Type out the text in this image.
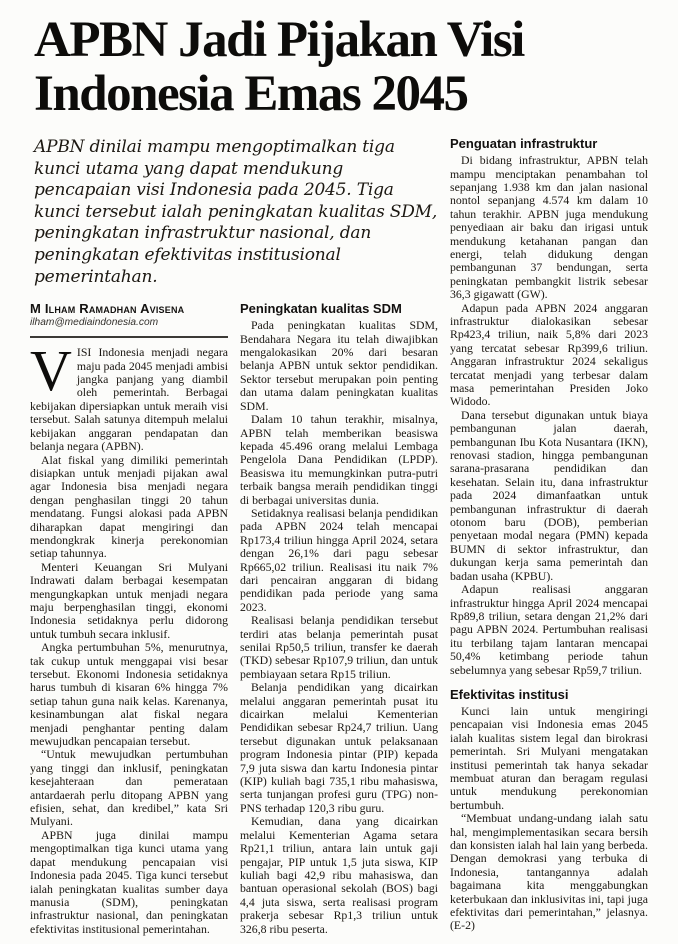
APBN Jadi Pijakan Visi Indonesia Emas 2045

APBN dinilai mampu mengoptimalkan tiga kunci utama yang dapat mendukung pencapaian visi Indonesia pada 2045. Tiga kunci tersebut ialah peningkatan kualitas SDM, peningkatan infrastruktur nasional, dan peningkatan efektivitas institusional pemerintahan.

M Ilham Ramadhan Avisena
ilham@mediaindonesia.com

VISI Indonesia menjadi negara maju pada 2045 menjadi ambisi jangka panjang yang diambil oleh pemerintah. Berbagai kebijakan dipersiapkan untuk meraih visi tersebut. Salah satunya ditempuh melalui kebijakan anggaran pendapatan dan belanja negara (APBN).

Alat fiskal yang dimiliki pemerintah disiapkan untuk menjadi pijakan awal agar Indonesia bisa menjadi negara dengan penghasilan tinggi 20 tahun mendatang. Fungsi alokasi pada APBN diharapkan dapat mengiringi dan mendongkrak kinerja perekonomian setiap tahunnya.

Menteri Keuangan Sri Mulyani Indrawati dalam berbagai kesempatan mengungkapkan untuk menjadi negara maju berpenghasilan tinggi, ekonomi Indonesia setidaknya perlu didorong untuk tumbuh secara inklusif.

Angka pertumbuhan 5%, menurutnya, tak cukup untuk menggapai visi besar tersebut. Ekonomi Indonesia setidaknya harus tumbuh di kisaran 6% hingga 7% setiap tahun guna naik kelas. Karenanya, kesinambungan alat fiskal negara menjadi penghantar penting dalam mewujudkan pencapaian tersebut.

“Untuk mewujudkan pertumbuhan yang tinggi dan inklusif, peningkatan kesejahteraan dan pemerataan antardaerah perlu ditopang APBN yang efisien, sehat, dan kredibel,” kata Sri Mulyani.

APBN juga dinilai mampu mengoptimalkan tiga kunci utama yang dapat mendukung pencapaian visi Indonesia pada 2045. Tiga kunci tersebut ialah peningkatan kualitas sumber daya manusia (SDM), peningkatan infrastruktur nasional, dan peningkatan efektivitas institusional pemerintahan.

Peningkatan kualitas SDM

Pada peningkatan kualitas SDM, Bendahara Negara itu telah diwajibkan mengalokasikan 20% dari besaran belanja APBN untuk sektor pendidikan. Sektor tersebut merupakan poin penting dan utama dalam peningkatan kualitas SDM.

Dalam 10 tahun terakhir, misalnya, APBN telah memberikan beasiswa kepada 45.496 orang melalui Lembaga Pengelola Dana Pendidikan (LPDP). Beasiswa itu memungkinkan putra-putri terbaik bangsa meraih pendidikan tinggi di berbagai universitas dunia.

Setidaknya realisasi belanja pendidikan pada APBN 2024 telah mencapai Rp173,4 triliun hingga April 2024, setara dengan 26,1% dari pagu sebesar Rp665,02 triliun. Realisasi itu naik 7% dari pencairan anggaran di bidang pendidikan pada periode yang sama 2023.

Realisasi belanja pendidikan tersebut terdiri atas belanja pemerintah pusat senilai Rp50,5 triliun, transfer ke daerah (TKD) sebesar Rp107,9 triliun, dan untuk pembiayaan setara Rp15 triliun.

Belanja pendidikan yang dicairkan melalui anggaran pemerintah pusat itu dicairkan melalui Kementerian Pendidikan sebesar Rp24,7 triliun. Uang tersebut digunakan untuk pelaksanaan program Indonesia pintar (PIP) kepada 7,9 juta siswa dan kartu Indonesia pintar (KIP) kuliah bagi 735,1 ribu mahasiswa, serta tunjangan profesi guru (TPG) non-PNS terhadap 120,3 ribu guru.

Kemudian, dana yang dicairkan melalui Kementerian Agama setara Rp21,1 triliun, antara lain untuk gaji pengajar, PIP untuk 1,5 juta siswa, KIP kuliah bagi 42,9 ribu mahasiswa, dan bantuan operasional sekolah (BOS) bagi 4,4 juta siswa, serta realisasi program prakerja sebesar Rp1,3 triliun untuk 326,8 ribu peserta.

Penguatan infrastruktur

Di bidang infrastruktur, APBN telah mampu menciptakan penambahan tol sepanjang 1.938 km dan jalan nasional nontol sepanjang 4.574 km dalam 10 tahun terakhir. APBN juga mendukung penyediaan air baku dan irigasi untuk mendukung ketahanan pangan dan energi, telah didukung dengan pembangunan 37 bendungan, serta peningkatan pembangkit listrik sebesar 36,3 gigawatt (GW).

Adapun pada APBN 2024 anggaran infrastruktur dialokasikan sebesar Rp423,4 triliun, naik 5,8% dari 2023 yang tercatat sebesar Rp399,6 triliun. Anggaran infrastruktur 2024 sekaligus tercatat menjadi yang terbesar dalam masa pemerintahan Presiden Joko Widodo.

Dana tersebut digunakan untuk biaya pembangunan jalan daerah, pembangunan Ibu Kota Nusantara (IKN), renovasi stadion, hingga pembangunan sarana-prasarana pendidikan dan kesehatan. Selain itu, dana infrastruktur pada 2024 dimanfaatkan untuk pembangunan infrastruktur di daerah otonom baru (DOB), pemberian penyetaan modal negara (PMN) kepada BUMN di sektor infrastruktur, dan dukungan kerja sama pemerintah dan badan usaha (KPBU).

Adapun realisasi anggaran infrastruktur hingga April 2024 mencapai Rp89,8 triliun, setara dengan 21,2% dari pagu APBN 2024. Pertumbuhan realisasi itu terbilang tajam lantaran mencapai 50,4% ketimbang periode tahun sebelumnya yang sebesar Rp59,7 triliun.

Efektivitas institusi

Kunci lain untuk mengiringi pencapaian visi Indonesia emas 2045 ialah kualitas sistem legal dan birokrasi pemerintah. Sri Mulyani mengatakan institusi pemerintah tak hanya sekadar membuat aturan dan beragam regulasi untuk mendukung perekonomian bertumbuh.

“Membuat undang-undang ialah satu hal, mengimplementasikan secara bersih dan konsisten ialah hal lain yang berbeda. Dengan demokrasi yang terbuka di Indonesia, tantangannya adalah bagaimana kita menggabungkan keterbukaan dan inklusivitas ini, tapi juga efektivitas dari pemerintahan,” jelasnya. (E-2)
